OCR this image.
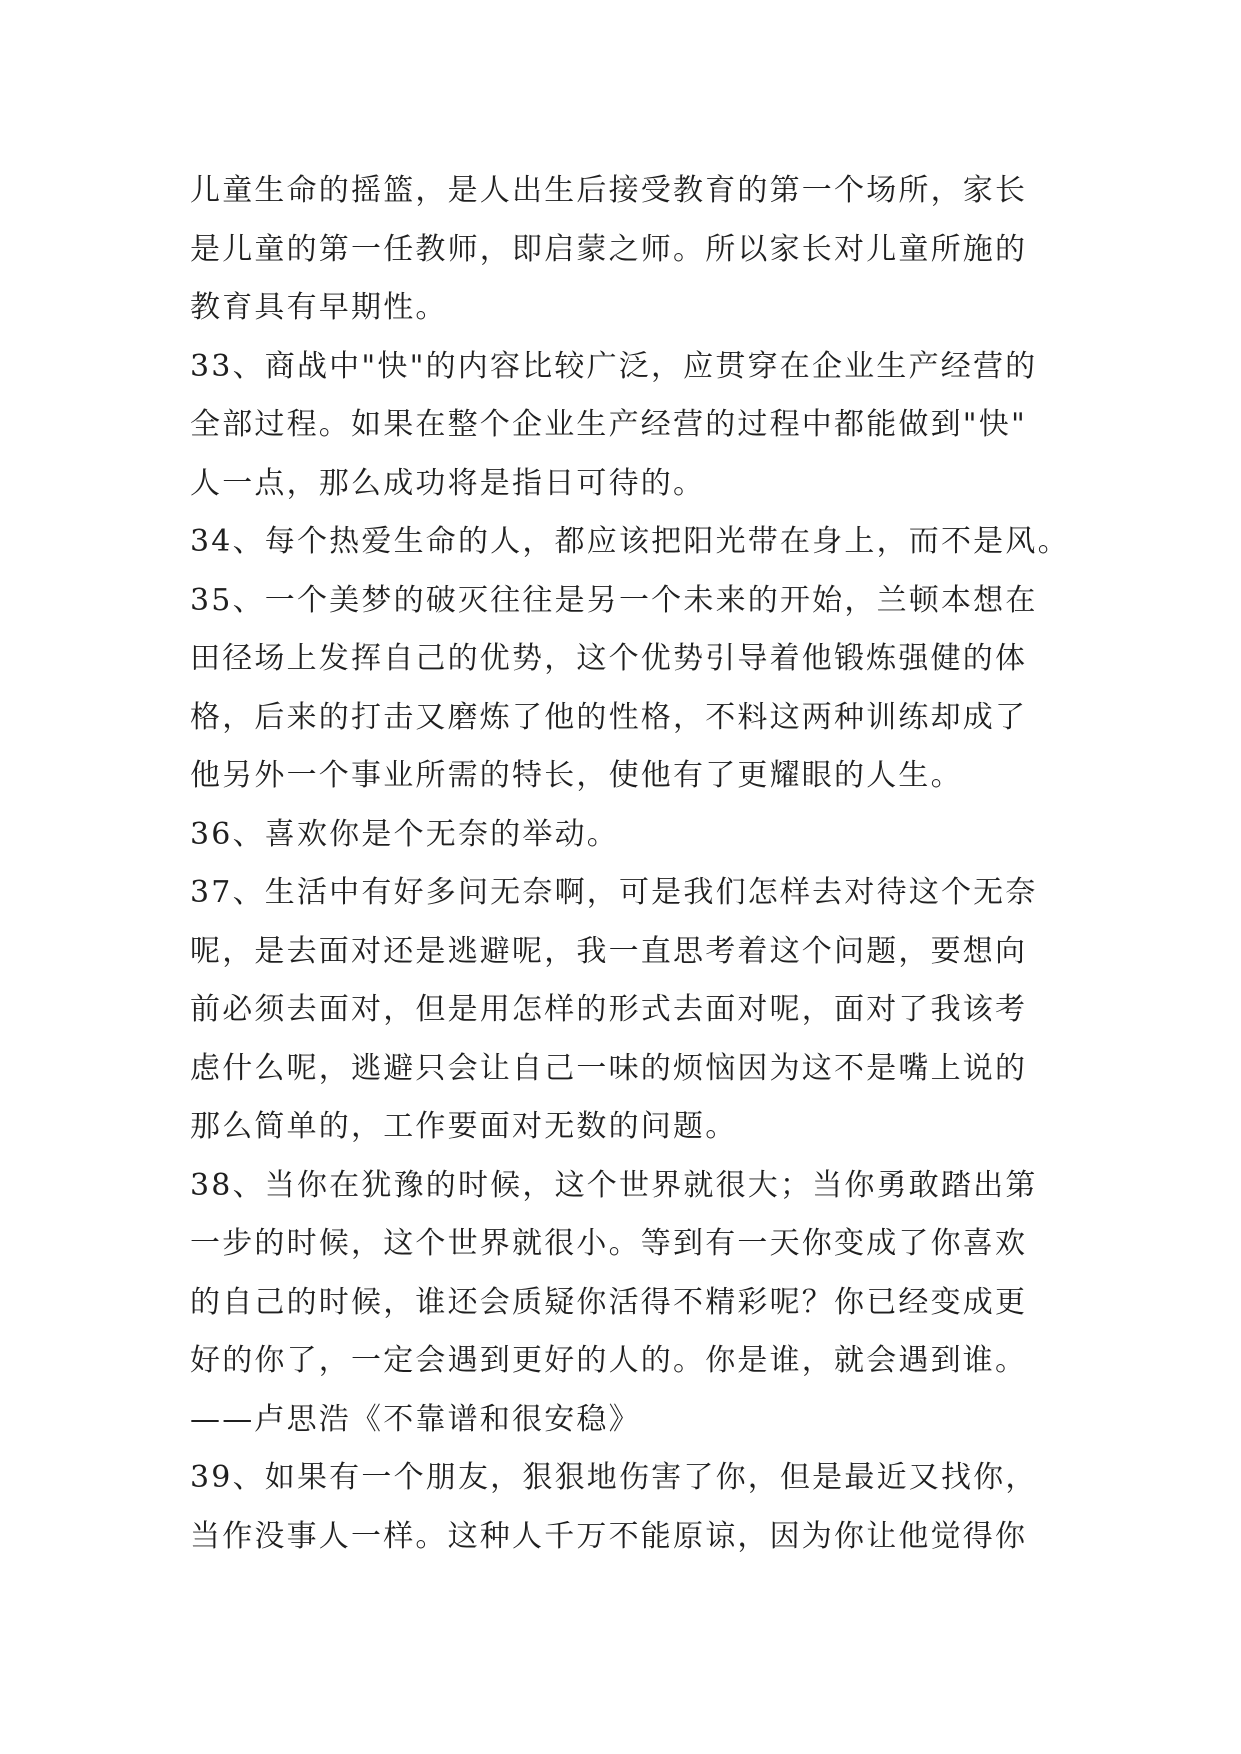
儿童生命的摇篮，是人出生后接受教育的第一个场所，家长
是儿童的第一任教师，即启蒙之师。所以家长对儿童所施的
教育具有早期性。
33、商战中"快"的内容比较广泛，应贯穿在企业生产经营的
全部过程。如果在整个企业生产经营的过程中都能做到"快"
人一点，那么成功将是指日可待的。
34、每个热爱生命的人，都应该把阳光带在身上，而不是风。
35、一个美梦的破灭往往是另一个未来的开始，兰顿本想在
田径场上发挥自己的优势，这个优势引导着他锻炼强健的体
格，后来的打击又磨炼了他的性格，不料这两种训练却成了
他另外一个事业所需的特长，使他有了更耀眼的人生。
36、喜欢你是个无奈的举动。
37、生活中有好多问无奈啊，可是我们怎样去对待这个无奈
呢，是去面对还是逃避呢，我一直思考着这个问题，要想向
前必须去面对，但是用怎样的形式去面对呢，面对了我该考
虑什么呢，逃避只会让自己一味的烦恼因为这不是嘴上说的
那么简单的，工作要面对无数的问题。
38、当你在犹豫的时候，这个世界就很大；当你勇敢踏出第
一步的时候，这个世界就很小。等到有一天你变成了你喜欢
的自己的时候，谁还会质疑你活得不精彩呢？你已经变成更
好的你了，一定会遇到更好的人的。你是谁，就会遇到谁。
——卢思浩《不靠谱和很安稳》
39、如果有一个朋友，狠狠地伤害了你，但是最近又找你，
当作没事人一样。这种人千万不能原谅，因为你让他觉得你
